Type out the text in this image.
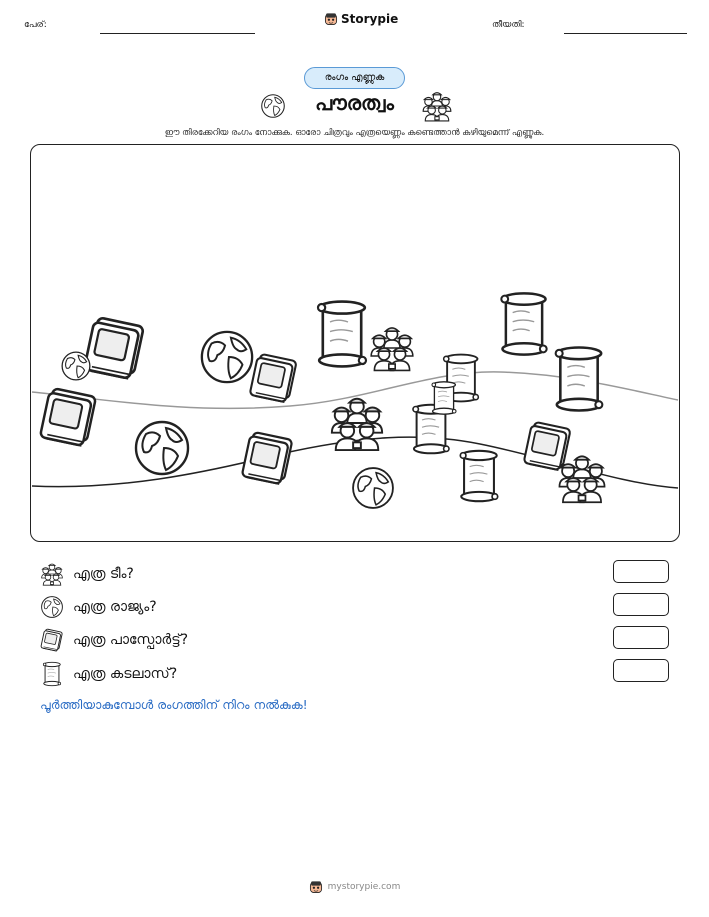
പേര്:	Storypie	തീയതി:
രംഗം എണ്ണുക
പൗരത്വം
ഈ തിരക്കേറിയ രംഗം നോക്കുക. ഓരോ ചിത്രവും എത്രയെണ്ണം കണ്ടെത്താൻ കഴിയുമെന്ന് എണ്ണുക.
എത്ര ടീം?
എത്ര രാജ്യം?
എത്ര പാസ്പോർട്ട്?
എത്ര കടലാസ്?
പൂർത്തിയാകുമ്പോൾ രംഗത്തിന് നിറം നൽകുക!
mystorypie.com
